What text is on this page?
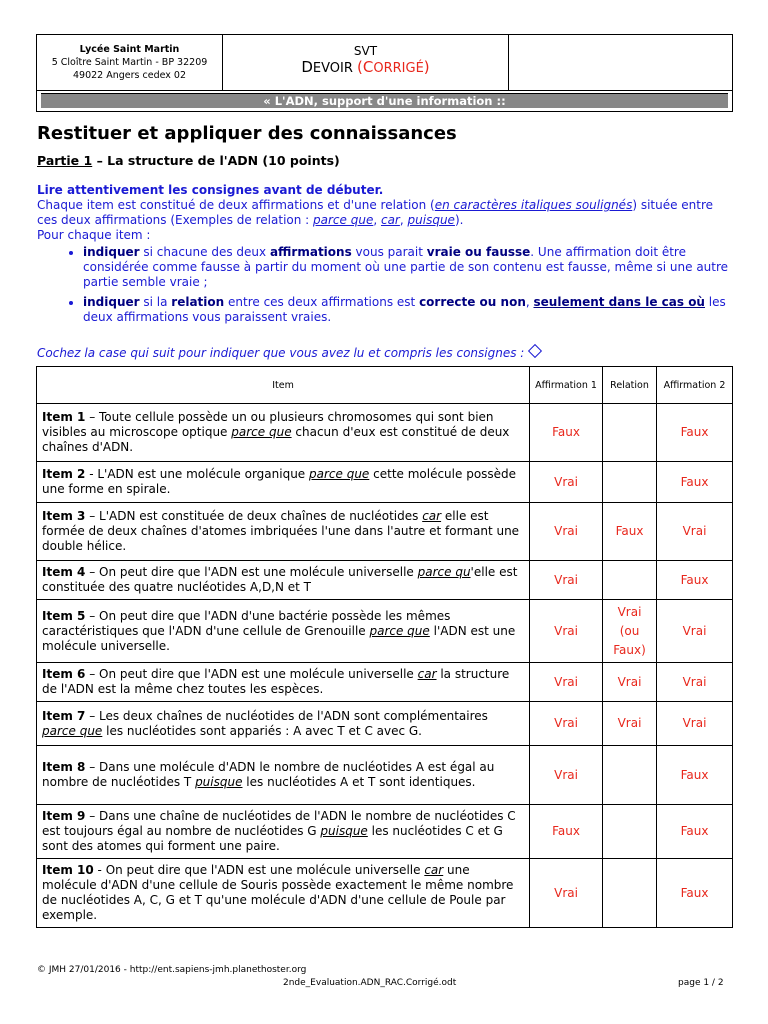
Lycée Saint Martin
5 Cloître Saint Martin - BP 32209
49022 Angers cedex 02
SVT
DEVOIR (CORRIGÉ)
« L'ADN, support d'une information ::
Restituer et appliquer des connaissances
Partie 1 – La structure de l'ADN (10 points)
Lire attentivement les consignes avant de débuter.
Chaque item est constitué de deux affirmations et d'une relation (en caractères italiques soulignés) située entre ces deux affirmations (Exemples de relation : parce que, car, puisque).
Pour chaque item :
• indiquer si chacune des deux affirmations vous parait vraie ou fausse. Une affirmation doit être considérée comme fausse à partir du moment où une partie de son contenu est fausse, même si une autre partie semble vraie ;
• indiquer si la relation entre ces deux affirmations est correcte ou non, seulement dans le cas où les deux affirmations vous paraissent vraies.
Cochez la case qui suit pour indiquer que vous avez lu et compris les consignes :
Item	Affirmation 1	Relation	Affirmation 2
Item 1 – Toute cellule possède un ou plusieurs chromosomes qui sont bien visibles au microscope optique parce que chacun d'eux est constitué de deux chaînes d'ADN.	Faux		Faux
Item 2 - L'ADN est une molécule organique parce que cette molécule possède une forme en spirale.	Vrai		Faux
Item 3 – L'ADN est constituée de deux chaînes de nucléotides car elle est formée de deux chaînes d'atomes imbriquées l'une dans l'autre et formant une double hélice.	Vrai	Faux	Vrai
Item 4 – On peut dire que l'ADN est une molécule universelle parce qu'elle est constituée des quatre nucléotides A,D,N et T	Vrai		Faux
Item 5 – On peut dire que l'ADN d'une bactérie possède les mêmes caractéristiques que l'ADN d'une cellule de Grenouille parce que l'ADN est une molécule universelle.	Vrai	Vrai (ou Faux)	Vrai
Item 6 – On peut dire que l'ADN est une molécule universelle car la structure de l'ADN est la même chez toutes les espèces.	Vrai	Vrai	Vrai
Item 7 – Les deux chaînes de nucléotides de l'ADN sont complémentaires parce que les nucléotides sont appariés : A avec T et C avec G.	Vrai	Vrai	Vrai
Item 8 – Dans une molécule d'ADN le nombre de nucléotides A est égal au nombre de nucléotides T puisque les nucléotides A et T sont identiques.	Vrai		Faux
Item 9 – Dans une chaîne de nucléotides de l'ADN le nombre de nucléotides C est toujours égal au nombre de nucléotides G puisque les nucléotides C et G sont des atomes qui forment une paire.	Faux		Faux
Item 10 - On peut dire que l'ADN est une molécule universelle car une molécule d'ADN d'une cellule de Souris possède exactement le même nombre de nucléotides A, C, G et T qu'une molécule d'ADN d'une cellule de Poule par exemple.	Vrai		Faux
© JMH 27/01/2016 - http://ent.sapiens-jmh.planethoster.org
2nde_Evaluation.ADN_RAC.Corrigé.odt	page 1 / 2
